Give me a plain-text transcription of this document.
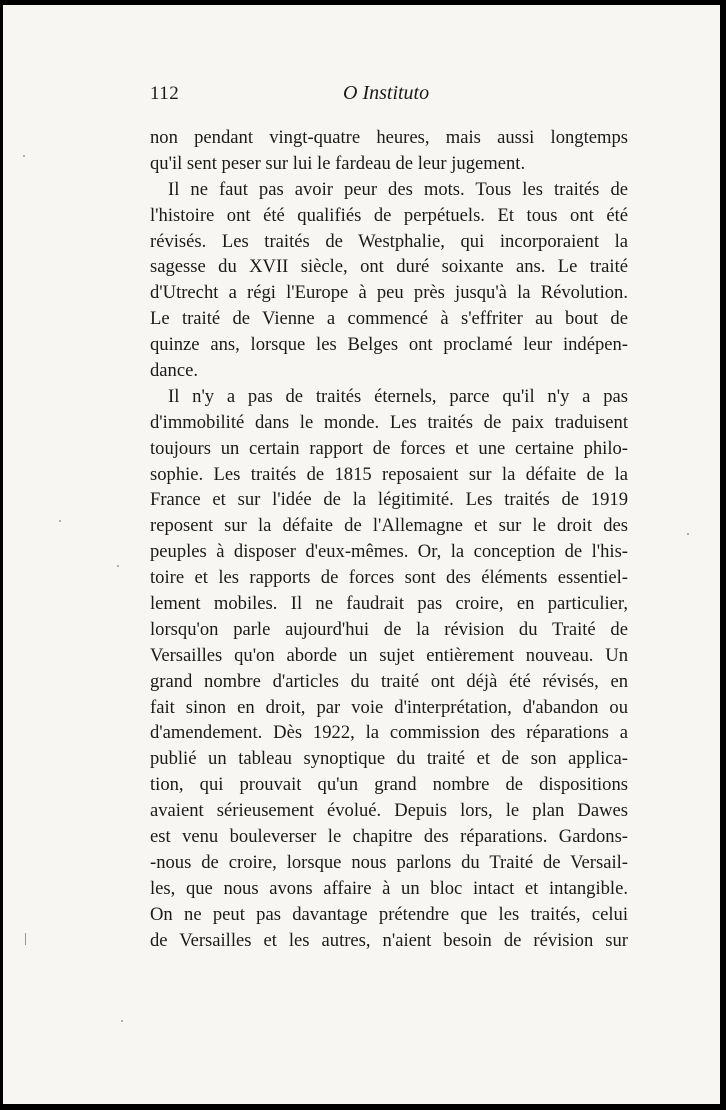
112	O Instituto
non pendant vingt-quatre heures, mais aussi longtemps
qu'il sent peser sur lui le fardeau de leur jugement.
Il ne faut pas avoir peur des mots. Tous les traités de
l'histoire ont été qualifiés de perpétuels. Et tous ont été
révisés. Les traités de Westphalie, qui incorporaient la
sagesse du XVII siècle, ont duré soixante ans. Le traité
d'Utrecht a régi l'Europe à peu près jusqu'à la Révolution.
Le traité de Vienne a commencé à s'effriter au bout de
quinze ans, lorsque les Belges ont proclamé leur indépen-
dance.
Il n'y a pas de traités éternels, parce qu'il n'y a pas
d'immobilité dans le monde. Les traités de paix traduisent
toujours un certain rapport de forces et une certaine philo-
sophie. Les traités de 1815 reposaient sur la défaite de la
France et sur l'idée de la légitimité. Les traités de 1919
reposent sur la défaite de l'Allemagne et sur le droit des
peuples à disposer d'eux-mêmes. Or, la conception de l'his-
toire et les rapports de forces sont des éléments essentiel-
lement mobiles. Il ne faudrait pas croire, en particulier,
lorsqu'on parle aujourd'hui de la révision du Traité de
Versailles qu'on aborde un sujet entièrement nouveau. Un
grand nombre d'articles du traité ont déjà été révisés, en
fait sinon en droit, par voie d'interprétation, d'abandon ou
d'amendement. Dès 1922, la commission des réparations a
publié un tableau synoptique du traité et de son applica-
tion, qui prouvait qu'un grand nombre de dispositions
avaient sérieusement évolué. Depuis lors, le plan Dawes
est venu bouleverser le chapitre des réparations. Gardons-
-nous de croire, lorsque nous parlons du Traité de Versail-
les, que nous avons affaire à un bloc intact et intangible.
On ne peut pas davantage prétendre que les traités, celui
de Versailles et les autres, n'aient besoin de révision sur
